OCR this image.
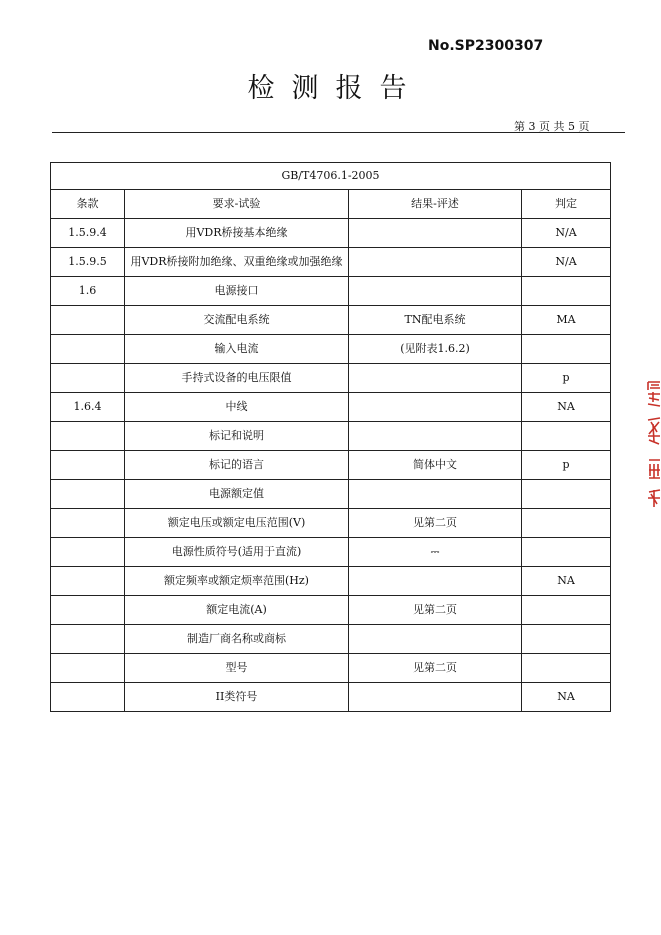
No.SP2300307
检测报告
第 3 页 共 5 页
GB/T4706.1-2005			
条款	要求-试验	结果-评述	判定
1.5.9.4	用VDR桥接基本绝缘		N/A
1.5.9.5	用VDR桥接附加绝缘、双重绝缘或加强绝缘		N/A
1.6	电源接口		
	交流配电系统	TN配电系统	MA
	输入电流	(见附表1.6.2)	
	手持式设备的电压限值		p
1.6.4	中线		NA
	标记和说明		
	标记的语言	简体中文	p
	电源额定值		
	额定电压或额定电压范围(V)	见第二页	
	电源性质符号(适用于直流)	⎓	
	额定频率或额定烦率范围(Hz)		NA
	额定电流(A)	见第二页	
	制造厂商名称或商标		
	型号	见第二页	
	II类符号		NA
